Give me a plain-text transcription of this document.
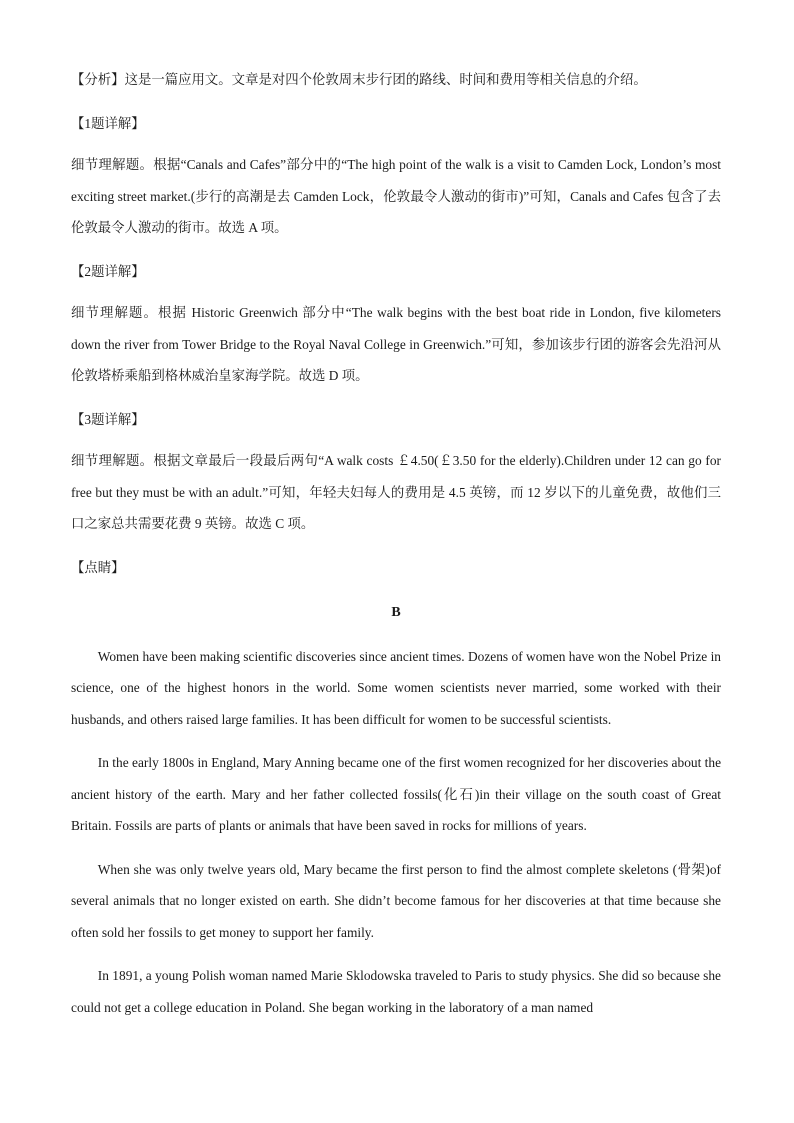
【分析】这是一篇应用文。文章是对四个伦敦周末步行团的路线、时间和费用等相关信息的介绍。

【1题详解】

细节理解题。根据“Canals and Cafes”部分中的“The high point of the walk is a visit to Camden Lock, London’s most exciting street market.(步行的高潮是去 Camden Lock，伦敦最令人激动的街市)”可知，Canals and Cafes 包含了去伦敦最令人激动的街市。故选 A 项。

【2题详解】

细节理解题。根据 Historic Greenwich 部分中“The walk begins with the best boat ride in London, five kilometers down the river from Tower Bridge to the Royal Naval College in Greenwich.”可知，参加该步行团的游客会先沿河从伦敦塔桥乘船到格林威治皇家海学院。故选 D 项。

【3题详解】

细节理解题。根据文章最后一段最后两句“A walk costs ￡4.50(￡3.50 for the elderly).Children under 12 can go for free but they must be with an adult.”可知，年轻夫妇每人的费用是 4.5 英镑，而 12 岁以下的儿童免费，故他们三口之家总共需要花费 9 英镑。故选 C 项。

【点睛】

B

Women have been making scientific discoveries since ancient times. Dozens of women have won the Nobel Prize in science, one of the highest honors in the world. Some women scientists never married, some worked with their husbands, and others raised large families. It has been difficult for women to be successful scientists.

In the early 1800s in England, Mary Anning became one of the first women recognized for her discoveries about the ancient history of the earth. Mary and her father collected fossils(化石)in their village on the south coast of Great Britain. Fossils are parts of plants or animals that have been saved in rocks for millions of years.

When she was only twelve years old, Mary became the first person to find the almost complete skeletons (骨架)of several animals that no longer existed on earth. She didn’t become famous for her discoveries at that time because she often sold her fossils to get money to support her family.

In 1891, a young Polish woman named Marie Sklodowska traveled to Paris to study physics. She did so because she could not get a college education in Poland. She began working in the laboratory of a man named
